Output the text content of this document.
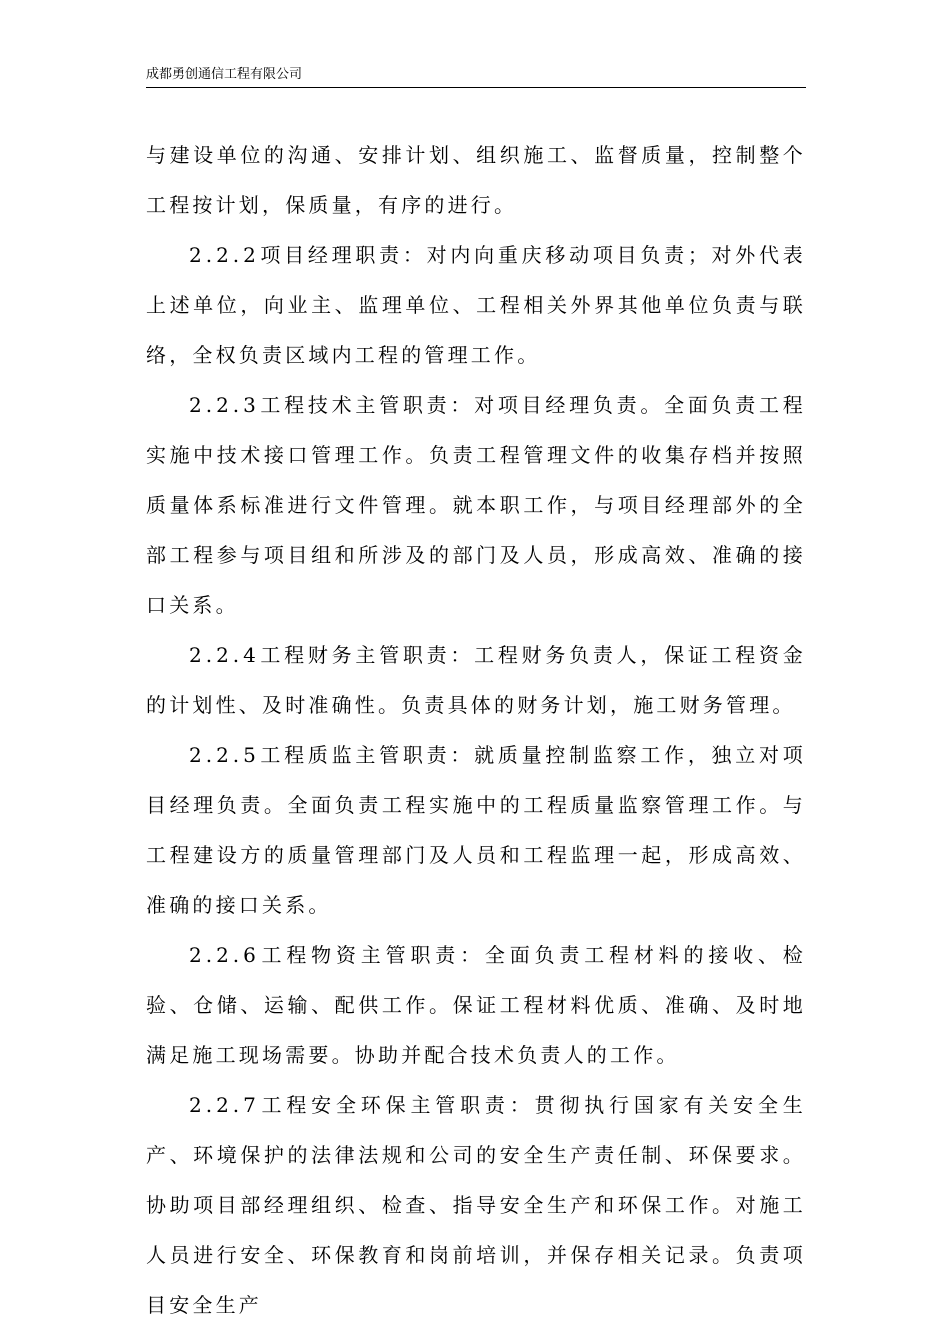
成都勇创通信工程有限公司

与建设单位的沟通、安排计划、组织施工、监督质量，控制整个工程按计划，保质量，有序的进行。

2.2.2项目经理职责：对内向重庆移动项目负责；对外代表上述单位，向业主、监理单位、工程相关外界其他单位负责与联络，全权负责区域内工程的管理工作。

2.2.3工程技术主管职责：对项目经理负责。全面负责工程实施中技术接口管理工作。负责工程管理文件的收集存档并按照质量体系标准进行文件管理。就本职工作，与项目经理部外的全部工程参与项目组和所涉及的部门及人员，形成高效、准确的接口关系。

2.2.4工程财务主管职责：工程财务负责人，保证工程资金的计划性、及时准确性。负责具体的财务计划，施工财务管理。

2.2.5工程质监主管职责：就质量控制监察工作，独立对项目经理负责。全面负责工程实施中的工程质量监察管理工作。与工程建设方的质量管理部门及人员和工程监理一起，形成高效、准确的接口关系。

2.2.6工程物资主管职责：全面负责工程材料的接收、检验、仓储、运输、配供工作。保证工程材料优质、准确、及时地满足施工现场需要。协助并配合技术负责人的工作。

2.2.7工程安全环保主管职责：贯彻执行国家有关安全生产、环境保护的法律法规和公司的安全生产责任制、环保要求。协助项目部经理组织、检查、指导安全生产和环保工作。对施工人员进行安全、环保教育和岗前培训，并保存相关记录。负责项目安全生产
